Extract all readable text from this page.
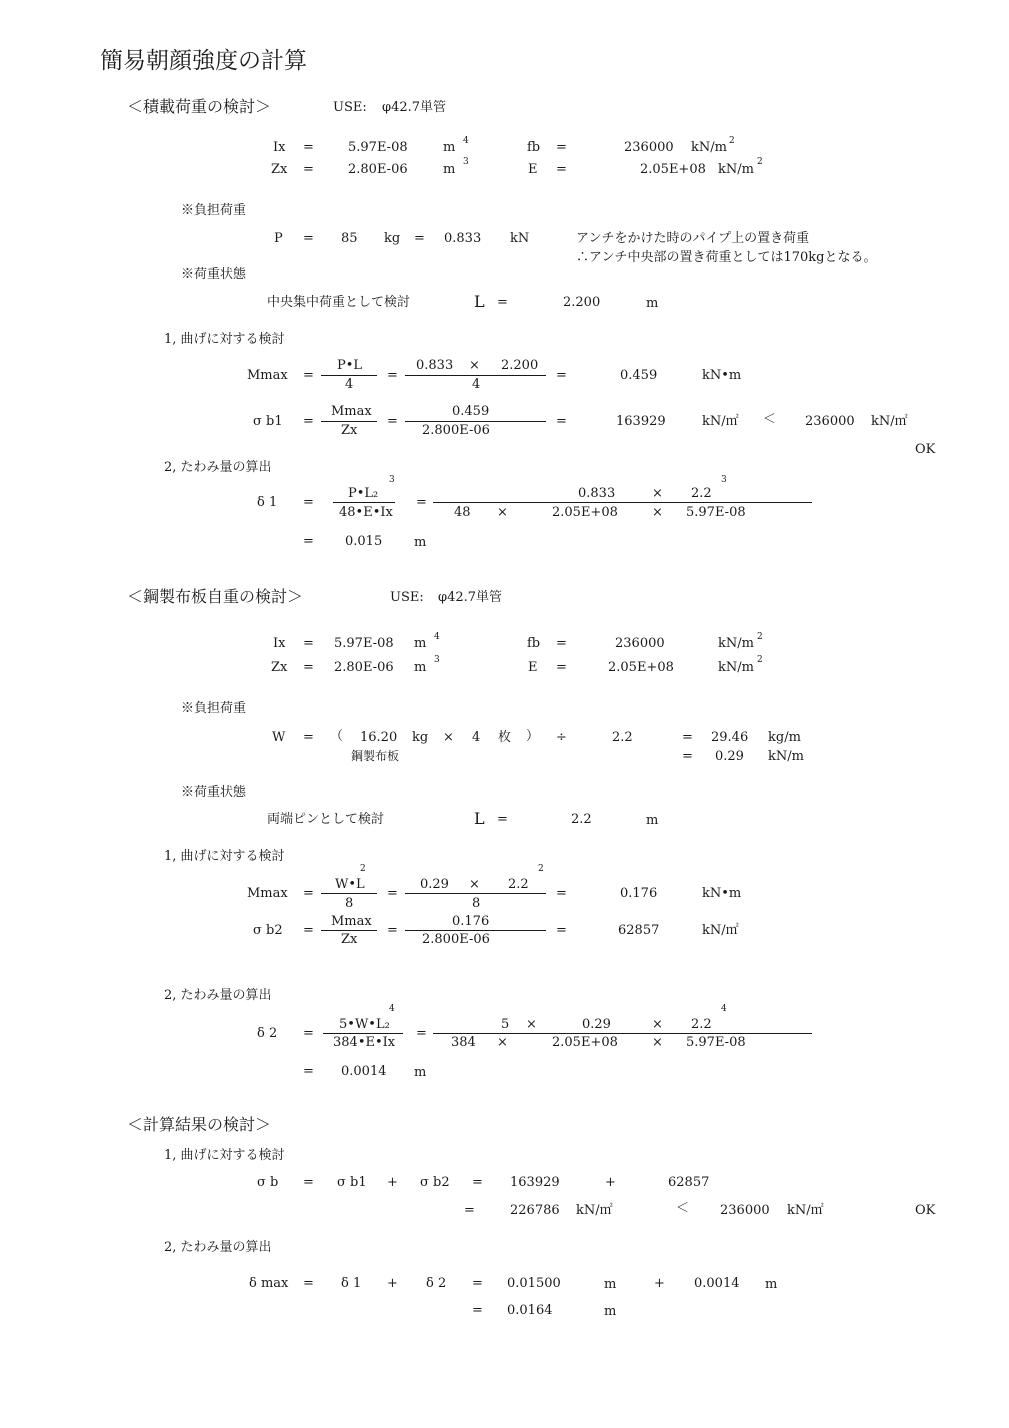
簡易朝顔強度の計算
＜積載荷重の検討＞	USE: φ42.7単管
Ix =	5.97E-08	m 4	fb =	236000 kN/m 2
Zx =	2.80E-06	m 3	E =	2.05E+08 kN/m 2
※負担荷重
P = 85 kg = 0.833 kN	アンチをかけた時のパイプ上の置き荷重
∴アンチ中央部の置き荷重としては170kgとなる。
※荷重状態
中央集中荷重として検討	L =	2.200	m
1, 曲げに対する検討
Mmax =
P•L
4
=
0.833 × 2.200
4
=	0.459	kN•m
σ b1 =
Mmax
Zx
=
0.459
2.800E-06
=	163929	kN/㎡ ＜ 236000 kN/㎡
OK
2, たわみ量の算出
3	3
δ 1 =
P•L₂
48•E•Ix
=
0.833	× 2.2
48 ×	2.05E+08	× 5.97E-08
= 0.015 m
＜鋼製布板自重の検討＞	USE: φ42.7単管
Ix = 5.97E-08 m 4	fb =	236000	kN/m 2
Zx = 2.80E-06 m 3	E =	2.05E+08	kN/m 2
※負担荷重
W = （ 16.20 kg × 4 枚 ） ÷	2.2	= 29.46 kg/m
鋼製布板	= 0.29 kN/m
※荷重状態
両端ピンとして検討	L =	2.2	m
1, 曲げに対する検討
2	2
Mmax =
W•L
8
=
0.29 × 2.2
8
=	0.176	kN•m
σ b2 =
Mmax
Zx
=
0.176
2.800E-06
=	62857	kN/㎡
2, たわみ量の算出
4	4
δ 2 =
5•W•L₂
384•E•Ix
=
5 ×	0.29	× 2.2
384 ×	2.05E+08	× 5.97E-08
= 0.0014 m
＜計算結果の検討＞
1, 曲げに対する検討
σ b = σ b1 + σ b2 = 163929	+	62857
=	226786 kN/㎡	＜ 236000 kN/㎡	OK
2, たわみ量の算出
δ max = δ 1 + δ 2 = 0.01500	m	+ 0.0014 m
= 0.0164	m
